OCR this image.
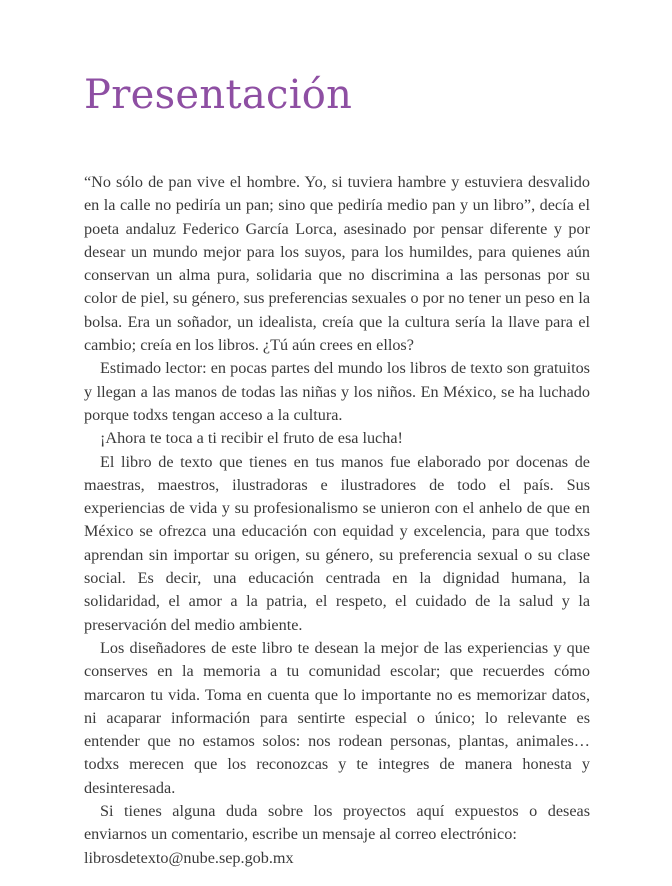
Presentación

“No sólo de pan vive el hombre. Yo, si tuviera hambre y estuviera desvalido en la calle no pediría un pan; sino que pediría medio pan y un libro”, decía el poeta andaluz Federico García Lorca, asesinado por pensar diferente y por desear un mundo mejor para los suyos, para los humildes, para quienes aún conservan un alma pura, solidaria que no discrimina a las personas por su color de piel, su género, sus preferencias sexuales o por no tener un peso en la bolsa. Era un soñador, un idealista, creía que la cultura sería la llave para el cambio; creía en los libros. ¿Tú aún crees en ellos?

Estimado lector: en pocas partes del mundo los libros de texto son gratuitos y llegan a las manos de todas las niñas y los niños. En México, se ha luchado porque todxs tengan acceso a la cultura.

¡Ahora te toca a ti recibir el fruto de esa lucha!

El libro de texto que tienes en tus manos fue elaborado por docenas de maestras, maestros, ilustradoras e ilustradores de todo el país. Sus experiencias de vida y su profesionalismo se unieron con el anhelo de que en México se ofrezca una educación con equidad y excelencia, para que todxs aprendan sin importar su origen, su género, su preferencia sexual o su clase social. Es decir, una educación centrada en la dignidad humana, la solidaridad, el amor a la patria, el respeto, el cuidado de la salud y la preservación del medio ambiente.

Los diseñadores de este libro te desean la mejor de las experiencias y que conserves en la memoria a tu comunidad escolar; que recuerdes cómo marcaron tu vida. Toma en cuenta que lo importante no es memorizar datos, ni acaparar información para sentirte especial o único; lo relevante es entender que no estamos solos: nos rodean personas, plantas, animales… todxs merecen que los reconozcas y te integres de manera honesta y desinteresada.

Si tienes alguna duda sobre los proyectos aquí expuestos o deseas enviarnos un comentario, escribe un mensaje al correo electrónico:

librosdetexto@nube.sep.gob.mx
